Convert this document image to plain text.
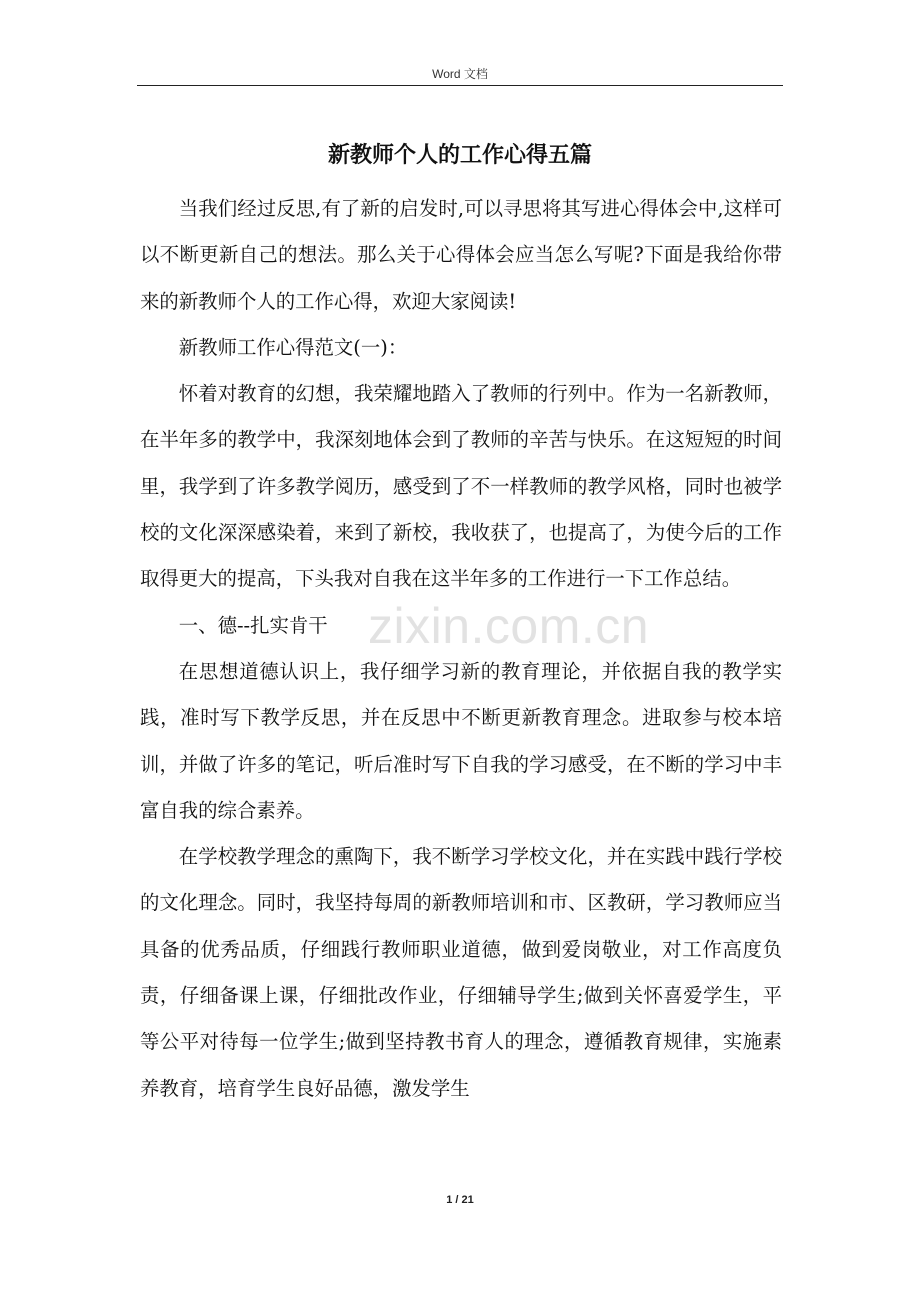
Word 文档
新教师个人的工作心得五篇

当我们经过反思,有了新的启发时,可以寻思将其写进心得体会中,这样可以不断更新自己的想法。那么关于心得体会应当怎么写呢?下面是我给你带来的新教师个人的工作心得，欢迎大家阅读!

新教师工作心得范文(一)：

怀着对教育的幻想，我荣耀地踏入了教师的行列中。作为一名新教师，在半年多的教学中，我深刻地体会到了教师的辛苦与快乐。在这短短的时间里，我学到了许多教学阅历，感受到了不一样教师的教学风格，同时也被学校的文化深深感染着，来到了新校，我收获了，也提高了，为使今后的工作取得更大的提高，下头我对自我在这半年多的工作进行一下工作总结。

一、德--扎实肯干

在思想道德认识上，我仔细学习新的教育理论，并依据自我的教学实践，准时写下教学反思，并在反思中不断更新教育理念。进取参与校本培训，并做了许多的笔记，听后准时写下自我的学习感受，在不断的学习中丰富自我的综合素养。

在学校教学理念的熏陶下，我不断学习学校文化，并在实践中践行学校的文化理念。同时，我坚持每周的新教师培训和市、区教研，学习教师应当具备的优秀品质，仔细践行教师职业道德，做到爱岗敬业，对工作高度负责，仔细备课上课，仔细批改作业，仔细辅导学生;做到关怀喜爱学生，平等公平对待每一位学生;做到坚持教书育人的理念，遵循教育规律，实施素养教育，培育学生良好品德，激发学生

zixin.com.cn
1 / 21
